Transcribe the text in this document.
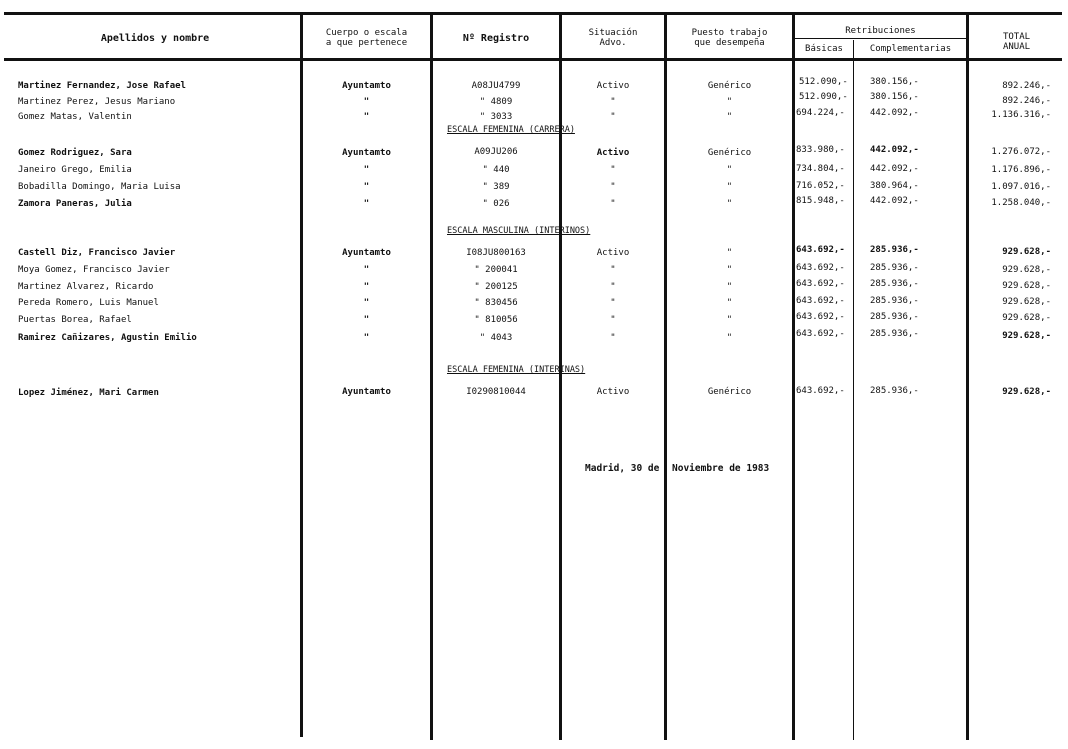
Apellidos y nombre	Cuerpo o escala
a que pertenece	Nº Registro	Situación
Advo.
Puesto trabajo
que desempeña
Retribuciones
Básicas	Complementarias
TOTAL
ANUAL
ESCALA FEMENINA (CARRERA)
ESCALA MASCULINA (INTERINOS)
ESCALA FEMENINA (INTERINAS)
Martinez Fernandez, Jose Rafael	Ayuntamto	A08JU4799	Activo	Genérico	512.090,- 380.156,-	892.246,-
Martinez Perez, Jesus Mariano	"	" 4809	"	"	512.090,- 380.156,-	892.246,-
Gomez Matas, Valentin	"	" 3033	"	"	694.224,-	442.092,-	1.136.316,-
Gomez Rodriguez, Sara	Ayuntamto	A09JU206	Activo	Genérico	833.980,-	442.092,-	1.276.072,-
Janeiro Grego, Emilia	"	" 440	"	"	734.804,-	442.092,-	1.176.896,-
Bobadilla Domingo, Maria Luisa	"	" 389	"	"	716.052,-	380.964,-	1.097.016,-
Zamora Paneras, Julia	"	" 026	"	"	815.948,-	442.092,-	1.258.040,-
Castell Diz, Francisco Javier	Ayuntamto	I08JU800163	Activo	"	643.692,-	285.936,-	929.628,-
Moya Gomez, Francisco Javier	"	" 200041	"	"	643.692,-	285.936,-	929.628,-
Martinez Alvarez, Ricardo	"	" 200125	"	"	643.692,-	285.936,-	929.628,-
Pereda Romero, Luis Manuel	"	" 830456	"	"	643.692,-	285.936,-	929.628,-
Puertas Borea, Rafael	"	" 810056	"	"	643.692,-	285.936,-	929.628,-
Ramirez Cañizares, Agustin Emilio	"	" 4043	"	"	643.692,-	285.936,-	929.628,-
Lopez Jiménez, Mari Carmen	Ayuntamto	I0290810044	Activo	Genérico	643.692,-	285.936,-	929.628,-
Madrid, 30 de Noviembre de 1983
